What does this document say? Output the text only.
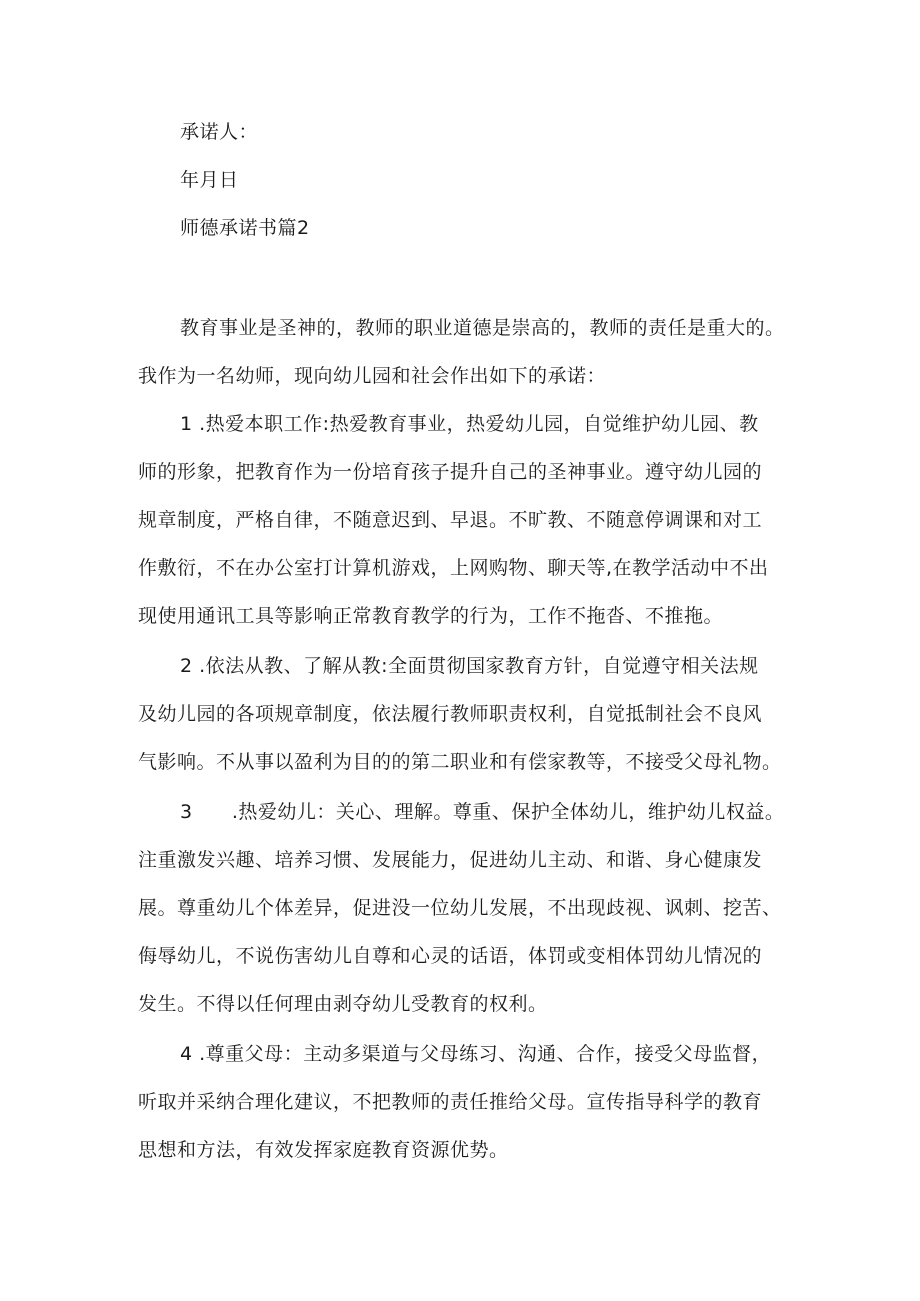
承诺人：
年月日
师德承诺书篇2
教育事业是圣神的，教师的职业道德是崇高的，教师的责任是重大的。
我作为一名幼师，现向幼儿园和社会作出如下的承诺：
1 .热爱本职工作:热爱教育事业，热爱幼儿园，自觉维护幼儿园、教
师的形象，把教育作为一份培育孩子提升自己的圣神事业。遵守幼儿园的
规章制度，严格自律，不随意迟到、早退。不旷教、不随意停调课和对工
作敷衍，不在办公室打计算机游戏，上网购物、聊天等,在教学活动中不出
现使用通讯工具等影响正常教育教学的行为，工作不拖沓、不推拖。
2 .依法从教、了解从教:全面贯彻国家教育方针，自觉遵守相关法规
及幼儿园的各项规章制度，依法履行教师职责权利，自觉抵制社会不良风
气影响。不从事以盈利为目的的第二职业和有偿家教等，不接受父母礼物。
3      .热爱幼儿：关心、理解。尊重、保护全体幼儿，维护幼儿权益。
注重激发兴趣、培养习惯、发展能力，促进幼儿主动、和谐、身心健康发
展。尊重幼儿个体差异，促进没一位幼儿发展，不出现歧视、讽刺、挖苦、
侮辱幼儿，不说伤害幼儿自尊和心灵的话语，体罚或变相体罚幼儿情况的
发生。不得以任何理由剥夺幼儿受教育的权利。
4 .尊重父母：主动多渠道与父母练习、沟通、合作，接受父母监督，
听取并采纳合理化建议，不把教师的责任推给父母。宣传指导科学的教育
思想和方法，有效发挥家庭教育资源优势。
